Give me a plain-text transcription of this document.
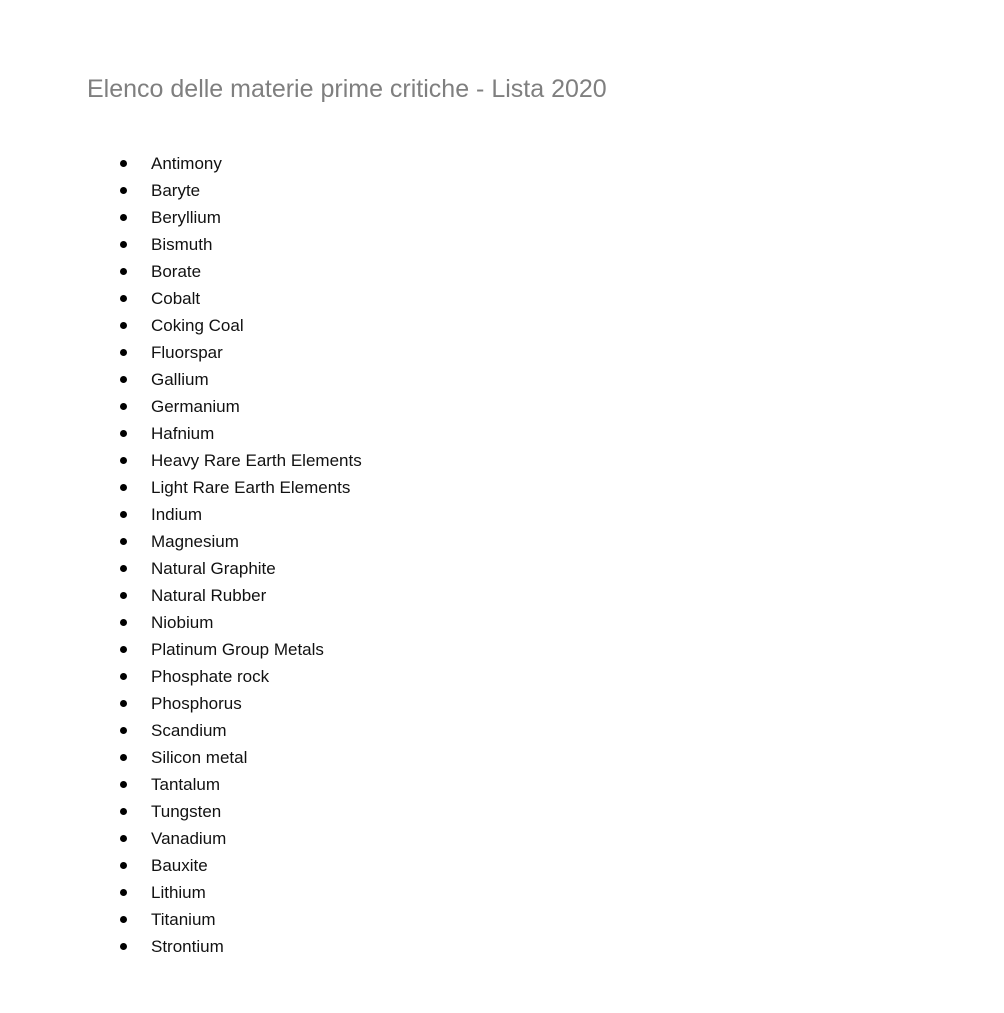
Elenco delle materie prime critiche - Lista 2020
Antimony
Baryte
Beryllium
Bismuth
Borate
Cobalt
Coking Coal
Fluorspar
Gallium
Germanium
Hafnium
Heavy Rare Earth Elements
Light Rare Earth Elements
Indium
Magnesium
Natural Graphite
Natural Rubber
Niobium
Platinum Group Metals
Phosphate rock
Phosphorus
Scandium
Silicon metal
Tantalum
Tungsten
Vanadium
Bauxite
Lithium
Titanium
Strontium
